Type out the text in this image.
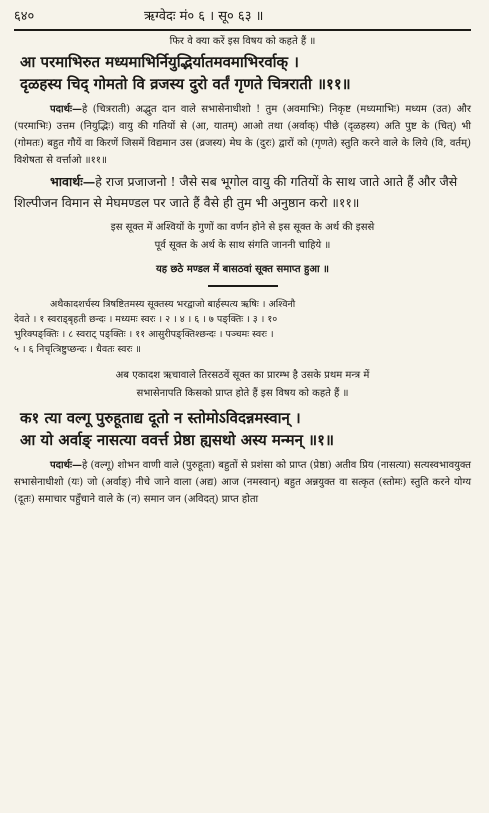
६४०	ऋग्वेदः मं० ६ । सू० ६३ ॥

फिर वे क्या करें इस विषय को कहते हैं ॥

आ परमाभिरुत मध्यमाभिर्नियुद्भिर्यातमवमाभिरर्वाक् ।

दृळहस्य चिद् गोमतो वि व्रजस्य दुरो वर्तं गृणते चित्रराती ॥११॥

पदार्थः—हे (चित्रराती) अद्भुत दान वाले सभासेनाधीशो ! तुम (अवमाभिः) निकृष्ट (मध्यमाभिः) मध्यम (उत) और (परमाभिः) उत्तम (नियुद्भिः) वायु की गतियों से (आ, यातम्) आओ तथा (अर्वाक्) पीछे (दृळहस्य) अति पुष्ट के (चित्) भी (गोमतः) बहुत गौयें वा किरणें जिसमें विद्यमान उस (व्रजस्य) मेघ के (दुरः) द्वारों को (गृणते) स्तुति करने वाले के लिये (वि, वर्तम्) विशेषता से वर्त्ताओ ॥११॥

भावार्थः—हे राज प्रजाजनो ! जैसे सब भूगोल वायु की गतियों के साथ जाते आते हैं और जैसे शिल्पीजन विमान से मेघमण्डल पर जाते हैं वैसे ही तुम भी अनुष्ठान करो ॥११॥

इस सूक्त में अश्वियों के गुणों का वर्णन होने से इस सूक्त के अर्थ की इससे
पूर्व सूक्त के अर्थ के साथ संगति जाननी चाहिये ॥

यह छठे मण्डल में बासठवां सूक्त समाप्त हुआ ॥

अथैकादशर्चस्य त्रिषष्टितमस्य सूक्तस्य भरद्वाजो बार्हस्पत्य ऋषिः । अश्विनौ

देवते । १ स्वराड्बृहती छन्दः । मध्यमः स्वरः । २ । ४ । ६ । ७ पङ्क्तिः । ३ । १०

भुरिक्पङ्क्तिः । ८ स्वराट् पङ्क्तिः । ११ आसुरीपङ्क्तिश्छन्दः । पञ्चमः स्वरः ।

५ । ६ निचृत्त्रिष्टुप्छन्दः । धैवतः स्वरः ॥

अब एकादश ऋचावाले तिरसठवें सूक्त का प्रारम्भ है उसके प्रथम मन्त्र में
सभासेनापति किसको प्राप्त होते हैं इस विषय को कहते हैं ॥

क१ त्या वल्गू पुरुहूताद्य दूतो न स्तोमोऽविदन्नमस्वान् ।

आ यो अर्वाङ् नासत्या ववर्त्त प्रेष्ठा ह्यसथो अस्य मन्मन् ॥१॥

पदार्थः—हे (वल्गू) शोभन वाणी वाले (पुरुहूता) बहुतों से प्रशंसा को प्राप्त (प्रेष्ठा) अतीव प्रिय (नासत्या) सत्यस्वभावयुक्त सभासेनाधीशो (यः) जो (अर्वाङ्) नीचे जाने वाला (अद्य) आज (नमस्वान्) बहुत अन्नयुक्त वा सत्कृत (स्तोमः) स्तुति करने योग्य (दूतः) समाचार पहुँचाने वाले के (न) समान जन (अविदत्) प्राप्त होता
